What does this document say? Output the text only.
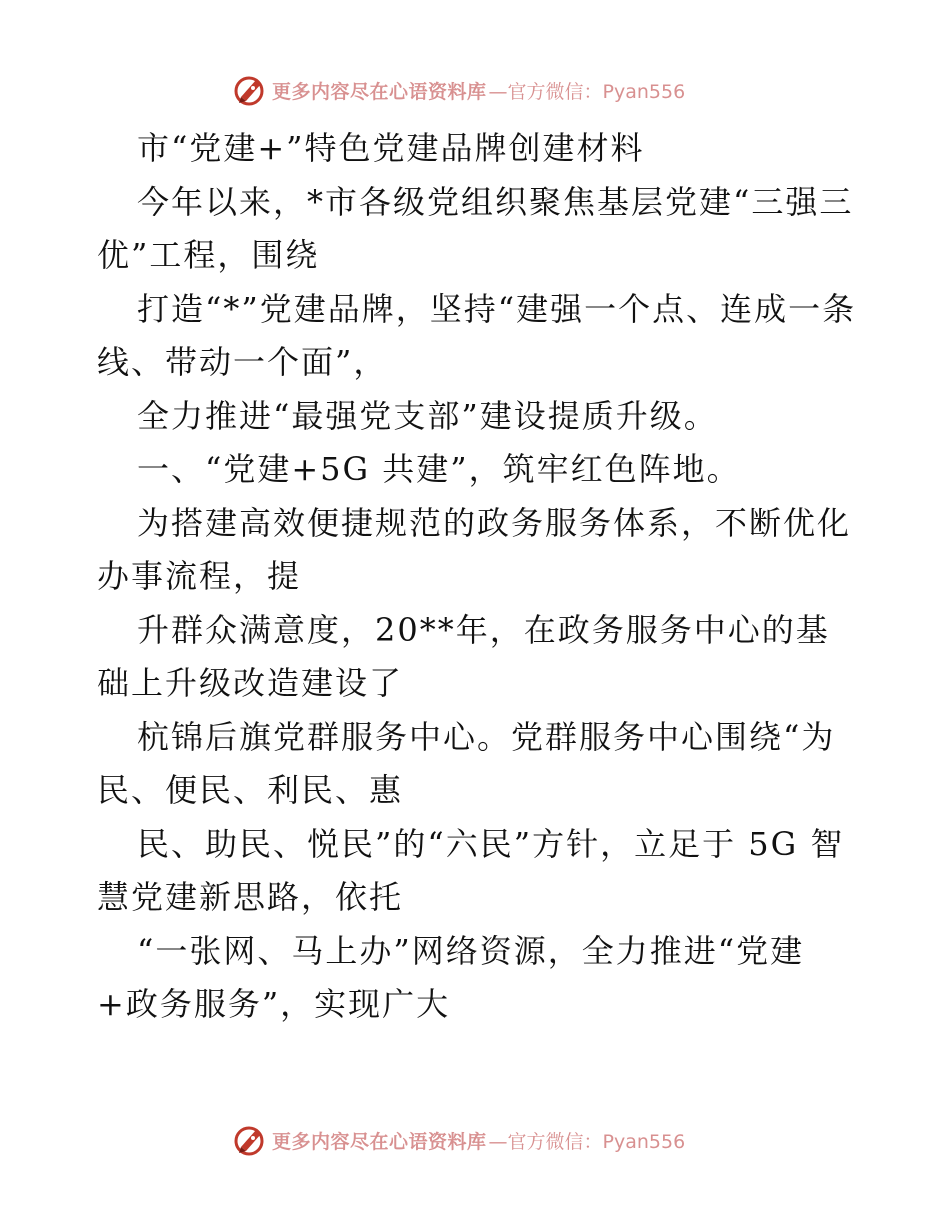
更多内容尽在心语资料库 —官方微信：Pyan556

市“党建+”特色党建品牌创建材料

今年以来，*市各级党组织聚焦基层党建“三强三优”工程，围绕

打造“*”党建品牌，坚持“建强一个点、连成一条线、带动一个面”，

全力推进“最强党支部”建设提质升级。

一、“党建+5G 共建”，筑牢红色阵地。

为搭建高效便捷规范的政务服务体系，不断优化办事流程，提

升群众满意度，20**年，在政务服务中心的基础上升级改造建设了

杭锦后旗党群服务中心。党群服务中心围绕“为民、便民、利民、惠

民、助民、悦民”的“六民”方针，立足于 5G 智慧党建新思路，依托

“一张网、马上办”网络资源，全力推进“党建+政务服务”，实现广大

更多内容尽在心语资料库 —官方微信：Pyan556
